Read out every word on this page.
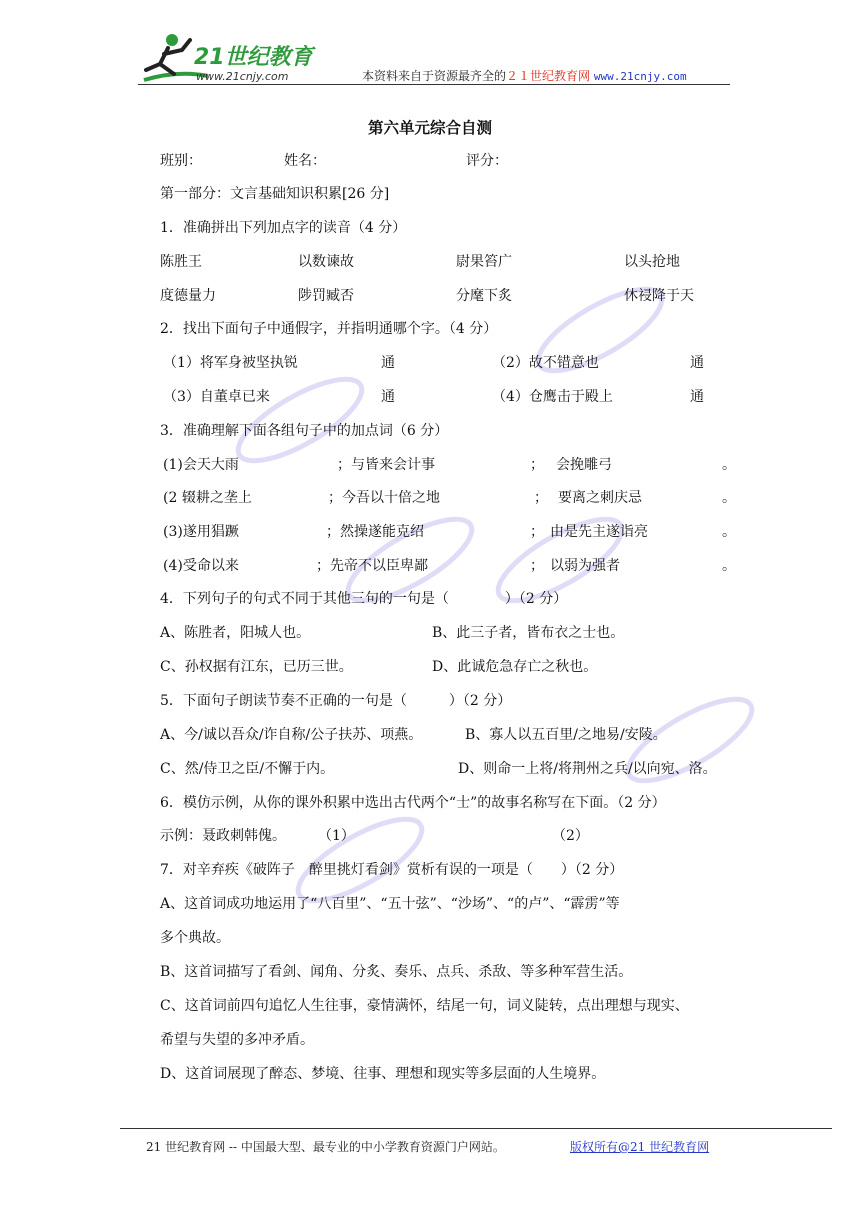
21世纪教育
www.21cnjy.com	本资料来自于资源最齐全的２１世纪教育网 www.21cnjy.com
第六单元综合自测
班别：	姓名：	评分：
第一部分：文言基础知识积累[26 分]
1．准确拼出下列加点字的读音（4 分）
陈胜王	以数谏故	尉果笞广	以头抢地
度德量力	陟罚臧否	分麾下炙	休祲降于天
2．找出下面句子中通假字，并指明通哪个字。（4 分）
（1）将军身被坚执锐	通	（2）故不错意也	通
（3）自董卓已来	通	（4）仓鹰击于殿上	通
3．准确理解下面各组句子中的加点词（6 分）
(1)会天大雨	；与皆来会计事	； 会挽雕弓	。
(2 辍耕之垄上	；今吾以十倍之地	； 要离之刺庆忌	。
(3)遂用猖蹶	；然操遂能克绍	； 由是先主遂诣亮	。
(4)受命以来	；先帝不以臣卑鄙	； 以弱为强者	。
4．下列句子的句式不同于其他三句的一句是（　　　　）（2 分）
A、陈胜者，阳城人也。	B、此三子者，皆布衣之士也。
C、孙权据有江东，已历三世。	D、此诚危急存亡之秋也。
5．下面句子朗读节奏不正确的一句是（　　　）（2 分）
A、今/诚以吾众/诈自称/公子扶苏、项燕。	B、寡人以五百里/之地易/安陵。
C、然/侍卫之臣/不懈于内。	D、则命一上将/将荆州之兵/以向宛、洛。
6．模仿示例，从你的课外积累中选出古代两个“士”的故事名称写在下面。（2 分）
示例：聂政刺韩傀。 （1）	（2）
7．对辛弃疾《破阵子　醉里挑灯看剑》赏析有误的一项是（　　）（2 分）
A、这首词成功地运用了“八百里”、“五十弦”、“沙场”、“的卢”、“霹雳”等
多个典故。
B、这首词描写了看剑、闻角、分炙、奏乐、点兵、杀敌、等多种军营生活。
C、这首词前四句追忆人生往事，豪情满怀，结尾一句，词义陡转，点出理想与现实、
希望与失望的多冲矛盾。
D、这首词展现了醉态、梦境、往事、理想和现实等多层面的人生境界。
21 世纪教育网 -- 中国最大型、最专业的中小学教育资源门户网站。	版权所有@21 世纪教育网
